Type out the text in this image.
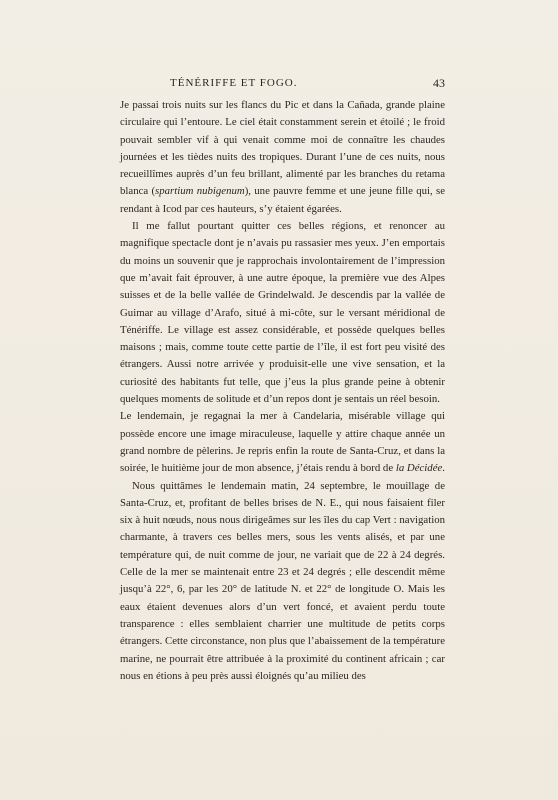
TÉNÉRIFFE ET FOGO.	43

Je passai trois nuits sur les flancs du Pic et dans la Cañada, grande plaine circulaire qui l’entoure. Le ciel était constamment serein et étoilé ; le froid pouvait sembler vif à qui venait comme moi de connaître les chaudes journées et les tièdes nuits des tropiques. Durant l’une de ces nuits, nous recueillîmes auprès d’un feu brillant, alimenté par les branches du retama blanca (spartium nubigenum), une pauvre femme et une jeune fille qui, se rendant à Icod par ces hauteurs, s’y étaient égarées.

Il me fallut pourtant quitter ces belles régions, et renoncer au magnifique spectacle dont je n’avais pu rassasier mes yeux. J’en emportais du moins un souvenir que je rapprochais involontairement de l’impression que m’avait fait éprouver, à une autre époque, la première vue des Alpes suisses et de la belle vallée de Grindelwald. Je descendis par la vallée de Guimar au village d’Arafo, situé à mi-côte, sur le versant méridional de Ténériffe. Le village est assez considérable, et possède quelques belles maisons ; mais, comme toute cette partie de l’île, il est fort peu visité des étrangers. Aussi notre arrivée y produisit-elle une vive sensation, et la curiosité des habitants fut telle, que j’eus la plus grande peine à obtenir quelques moments de solitude et d’un repos dont je sentais un réel besoin.

Le lendemain, je regagnai la mer à Candelaria, misérable village qui possède encore une image miraculeuse, laquelle y attire chaque année un grand nombre de pèlerins. Je repris enfin la route de Santa-Cruz, et dans la soirée, le huitième jour de mon absence, j’étais rendu à bord de la Décidée.

Nous quittâmes le lendemain matin, 24 septembre, le mouillage de Santa-Cruz, et, profitant de belles brises de N. E., qui nous faisaient filer six à huit nœuds, nous nous dirigeâmes sur les îles du cap Vert : navigation charmante, à travers ces belles mers, sous les vents alisés, et par une température qui, de nuit comme de jour, ne variait que de 22 à 24 degrés. Celle de la mer se maintenait entre 23 et 24 degrés ; elle descendit même jusqu’à 22°, 6, par les 20° de latitude N. et 22° de longitude O. Mais les eaux étaient devenues alors d’un vert foncé, et avaient perdu toute transparence : elles semblaient charrier une multitude de petits corps étrangers. Cette circonstance, non plus que l’abaissement de la température marine, ne pourrait être attribuée à la proximité du continent africain ; car nous en étions à peu près aussi éloignés qu’au milieu des
